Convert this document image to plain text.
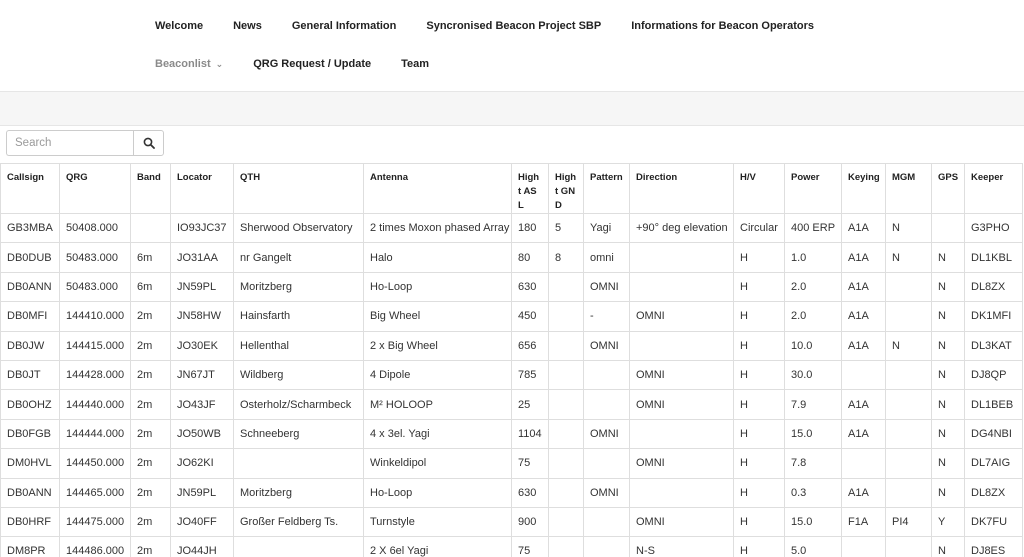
Welcome	News	General Information	Syncronised Beacon Project SBP	Informations for Beacon Operators
Beaconlist ⌄	QRG Request / Update	Team
Search
Callsign	QRG	Band	Locator	QTH	Antenna	Hight ASL	Hight GND	Pattern	Direction	H/V	Power	Keying	MGM	GPS	Keeper
GB3MBA	50408.000		IO93JC37	Sherwood Observatory	2 times Moxon phased Array	180	5	Yagi	+90° deg elevation	Circular	400 ERP	A1A	N		G3PHO
DB0DUB	50483.000	6m	JO31AA	nr Gangelt	Halo	80	8	omni		H	1.0	A1A	N	N	DL1KBL
DB0ANN	50483.000	6m	JN59PL	Moritzberg	Ho-Loop	630		OMNI		H	2.0	A1A		N	DL8ZX
DB0MFI	144410.000	2m	JN58HW	Hainsfarth	Big Wheel	450		-	OMNI	H	2.0	A1A		N	DK1MFI
DB0JW	144415.000	2m	JO30EK	Hellenthal	2 x Big Wheel	656		OMNI		H	10.0	A1A	N	N	DL3KAT
DB0JT	144428.000	2m	JN67JT	Wildberg	4 Dipole	785			OMNI	H	30.0			N	DJ8QP
DB0OHZ	144440.000	2m	JO43JF	Osterholz/Scharmbeck	M² HOLOOP	25			OMNI	H	7.9	A1A		N	DL1BEB
DB0FGB	144444.000	2m	JO50WB	Schneeberg	4 x 3el. Yagi	1104		OMNI		H	15.0	A1A		N	DG4NBI
DM0HVL	144450.000	2m	JO62KI		Winkeldipol	75			OMNI	H	7.8			N	DL7AIG
DB0ANN	144465.000	2m	JN59PL	Moritzberg	Ho-Loop	630		OMNI		H	0.3	A1A		N	DL8ZX
DB0HRF	144475.000	2m	JO40FF	Großer Feldberg Ts.	Turnstyle	900			OMNI	H	15.0	F1A	PI4	Y	DK7FU
DM8PR	144486.000	2m	JO44JH		2 X 6el Yagi	75			N-S	H	5.0			N	DJ8ES
